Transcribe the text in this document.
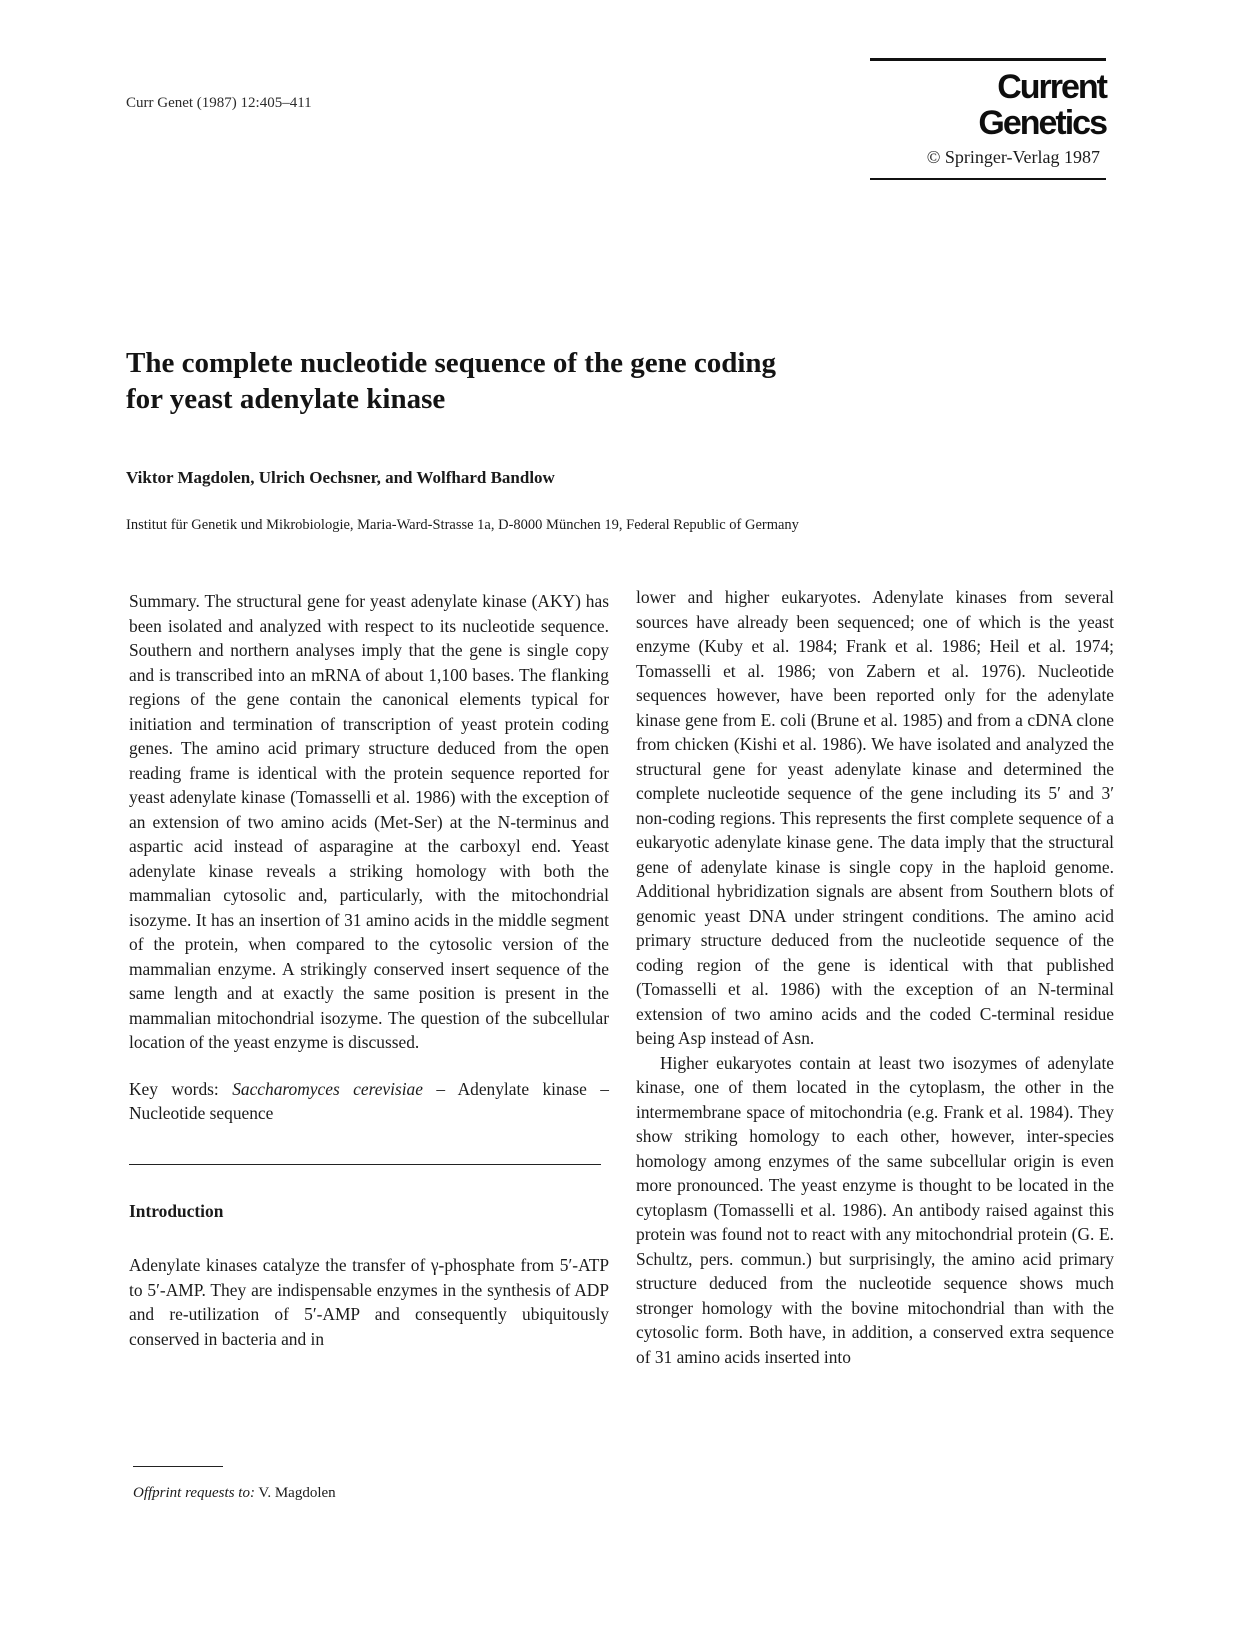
Curr Genet (1987) 12:405–411	Current Genetics
© Springer-Verlag 1987
The complete nucleotide sequence of the gene coding
for yeast adenylate kinase
Viktor Magdolen, Ulrich Oechsner, and Wolfhard Bandlow
Institut für Genetik und Mikrobiologie, Maria-Ward-Strasse 1a, D-8000 München 19, Federal Republic of Germany

Summary. The structural gene for yeast adenylate kinase (AKY) has been isolated and analyzed with respect to its nucleotide sequence. Southern and northern analyses imply that the gene is single copy and is transcribed into an mRNA of about 1,100 bases. The flanking regions of the gene contain the canonical elements typical for initiation and termination of transcription of yeast protein coding genes. The amino acid primary structure deduced from the open reading frame is identical with the protein sequence reported for yeast adenylate kinase (Tomasselli et al. 1986) with the exception of an extension of two amino acids (Met-Ser) at the N-terminus and aspartic acid instead of asparagine at the carboxyl end. Yeast adenylate kinase reveals a striking homology with both the mammalian cytosolic and, particularly, with the mitochondrial isozyme. It has an insertion of 31 amino acids in the middle segment of the protein, when compared to the cytosolic version of the mammalian enzyme. A strikingly conserved insert sequence of the same length and at exactly the same position is present in the mammalian mitochondrial isozyme. The question of the subcellular location of the yeast enzyme is discussed.

Key words: Saccharomyces cerevisiae – Adenylate kinase – Nucleotide sequence

Introduction

Adenylate kinases catalyze the transfer of γ-phosphate from 5′-ATP to 5′-AMP. They are indispensable enzymes in the synthesis of ADP and re-utilization of 5′-AMP and consequently ubiquitously conserved in bacteria and in

lower and higher eukaryotes. Adenylate kinases from several sources have already been sequenced; one of which is the yeast enzyme (Kuby et al. 1984; Frank et al. 1986; Heil et al. 1974; Tomasselli et al. 1986; von Zabern et al. 1976). Nucleotide sequences however, have been reported only for the adenylate kinase gene from E. coli (Brune et al. 1985) and from a cDNA clone from chicken (Kishi et al. 1986). We have isolated and analyzed the structural gene for yeast adenylate kinase and determined the complete nucleotide sequence of the gene including its 5′ and 3′ non-coding regions. This represents the first complete sequence of a eukaryotic adenylate kinase gene. The data imply that the structural gene of adenylate kinase is single copy in the haploid genome. Additional hybridization signals are absent from Southern blots of genomic yeast DNA under stringent conditions. The amino acid primary structure deduced from the nucleotide sequence of the coding region of the gene is identical with that published (Tomasselli et al. 1986) with the exception of an N-terminal extension of two amino acids and the coded C-terminal residue being Asp instead of Asn.

Higher eukaryotes contain at least two isozymes of adenylate kinase, one of them located in the cytoplasm, the other in the intermembrane space of mitochondria (e.g. Frank et al. 1984). They show striking homology to each other, however, inter-species homology among enzymes of the same subcellular origin is even more pronounced. The yeast enzyme is thought to be located in the cytoplasm (Tomasselli et al. 1986). An antibody raised against this protein was found not to react with any mitochondrial protein (G. E. Schultz, pers. commun.) but surprisingly, the amino acid primary structure deduced from the nucleotide sequence shows much stronger homology with the bovine mitochondrial than with the cytosolic form. Both have, in addition, a conserved extra sequence of 31 amino acids inserted into

Offprint requests to: V. Magdolen
